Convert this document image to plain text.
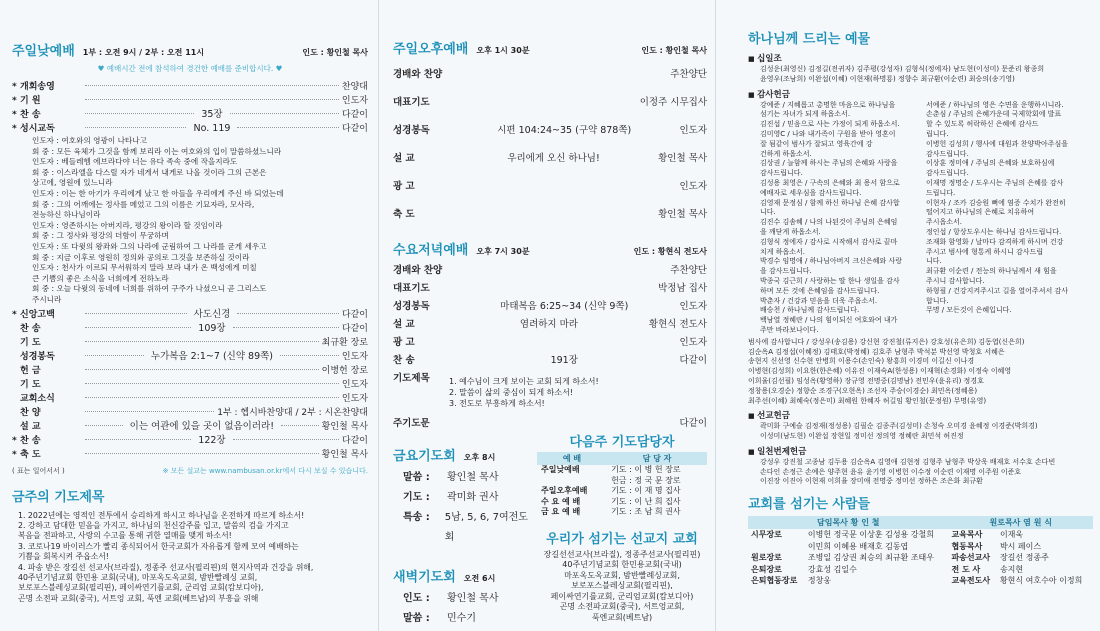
주일낮예배 1부 : 오전 9시 / 2부 : 오전 11시	인도 : 황인철 목사
♥ 예배시간 전에 참석하여 경건한 예배를 준비합시다. ♥
* 개회송영	찬양대
* 기 원	인도자
* 찬 송	35장	다같이
* 성시교독	No. 119	다같이
인도자 : 여호와의 영광이 나타나고
회 중 : 모든 육체가 그것을 함께 보리라 이는 여호와의 입이 말씀하셨느니라
인도자 : 베들레헴 에브라다야 너는 유다 족속 중에 작을지라도
회 중 : 이스라엘을 다스릴 자가 네게서 내게로 나올 것이라 그의 근본은
상고에, 영원에 있느니라
인도자 : 이는 한 아기가 우리에게 났고 한 아들을 우리에게 주신 바 되었는데
회 중 : 그의 어깨에는 정사를 메었고 그의 이름은 기묘자라, 모사라,
전능하신 하나님이라
인도자 : 영존하시는 아버지라, 평강의 왕이라 할 것임이라
회 중 : 그 정사와 평강의 더함이 무궁하며
인도자 : 또 다윗의 왕좌와 그의 나라에 군림하여 그 나라를 굳게 세우고
회 중 : 지금 이후로 영원히 정의와 공의로 그것을 보존하실 것이라
인도자 : 천사가 이르되 무서워하지 말라 보라 내가 온 백성에게 미칠
큰 기쁨의 좋은 소식을 너희에게 전하노라
회 중 : 오늘 다윗의 동네에 너희를 위하여 구주가 나셨으니 곧 그리스도
주시니라
* 신앙고백	사도신경	다같이
찬 송	109장	다같이
기 도	최규환 장로
성경봉독	누가복음 2:1~7 (신약 89쪽)	인도자
헌 금	이병헌 장로
기 도	인도자
교회소식	인도자
찬 양	1부 : 헵시바찬양대 / 2부 : 시온찬양대
설 교	이는 여관에 있을 곳이 없음이러라!	황인철 목사
* 찬 송	122장	다같이
* 축 도	황인철 목사
( 표는 일어서서 )	※ 모든 설교는 www.nambusan.or.kr에서 다시 보실 수 있습니다.
금주의 기도제목
1. 2022년에는 영적인 전투에서 승리하게 하시고 하나님을 온전하게 따르게 하소서!
2. 강하고 담대한 믿음을 가지고, 하나님의 천신감주를 입고, 말씀의 검을 가지고
복음을 전파하고, 사랑의 수고를 통해 귀한 열매를 맺게 하소서!
3. 코로나19 바이러스가 빨리 종식되어서 한국교회가 자유롭게 함께 모여 예배하는
기쁨을 회복시켜 주옵소서!
4. 파송 받은 장길선 선교사(브라질), 정종주 선교사(필리핀)의 현지사역과 건강을 위해,
40주년기념교회 한민용 교회(국내), 마포옥도옥교회, 밤반빨례싱 교회,
보로포스블레싱교회(필리핀), 페이싸연기를교회, 군리엄 교회(캄보디아),
곤명 소전파 교회(중국), 서트엉 교회, 푹엔 교회(베트남)의 부흥을 위해
주일오후예배 오후 1시 30분	인도 : 황인철 목사
경배와 찬양	주찬양단
대표기도	이정주 시무집사
성경봉독	시편 104:24~35 (구약 878쪽)	인도자
설 교	우리에게 오신 하나님!	황인철 목사
광 고	인도자
축 도	황인철 목사
수요저녁예배 오후 7시 30분	인도 : 황현식 전도사
경배와 찬양	주찬양단
대표기도	박정남 집사
성경봉독	마태복음 6:25~34 (신약 9쪽)	인도자
설 교	염려하지 마라	황현식 전도사
광 고	인도자
찬 송	191장	다같이
기도제목	1. 예수님이 크게 보이는 교회 되게 하소서!
2. 말씀이 삶의 중심이 되게 하소서!
3. 전도로 부흥하게 하소서!
주기도문	다같이
금요기도회 오후 8시
말씀 :	황인철 목사
기도 :	곽미화 권사
특송 :	5남, 5, 6, 7여전도회
새벽기도회 오전 6시
인도 :	황인철 목사
말씀 :	민수기
다음주 기도담당자
예 배	담 당 자
주일낮예배	기도 : 이 병 헌 장로
	헌금 : 정 국 문 장로
주일오후예배	기도 : 이 재 명 집사
수 요 예 배	기도 : 이 난 희 집사
금 요 예 배	기도 : 조 남 희 권사
우리가 섬기는 선교지 교회
장길선선교사(브라질), 정종주선교사(필리핀)
40주년기념교회 한민용교회(국내)
마포옥도옥교회, 밤반빨례싱교회,
보로포스블레싱교회(필리핀),
페이싸연기를교회, 군리엄교회(캄보디아)
곤명 소전파교회(중국), 서트엉교회,
푹엔교회(베트남)
하나님께 드리는 예물
■ 십일조
김성운(최영신) 김정길(전귀자) 김주평(강성자) 김형식(정에자) 남도현(이성미) 문준리 왕종희
윤영우(조남희) 이완섭(이혜) 이현재(하명룡) 정향수 최규환(이순련) 최승의(송기영)
■ 감사헌금
강예준 / 지혜롭고 총명한 마음으로 하나님을
섬기는 자녀가 되게 하옵소서.
김진섭 / 믿음으로 사는 가정이 되게 하옵소서.
김미영C / 나와 내가족이 구원을 받아 영혼이
잘 됨같이 범사가 잘되고 영육간에 강
건하게 하옵소서.
김상권 / 늘함께 하시는 주님의 은혜와 사랑을
감사드립니다.
김성용 최영은 / 구속의 은혜와 최 용서 함으로
예배자로 세우심을 감사드립니다.
김영재 문정심 / 함께 하신 하나님 은혜 감사합
니다.
김진수 김솜혜 / 나의 나된것이 주님의 은혜임
을 깨닫게 하옵소서.
김형식 정에자 / 감사로 시작해서 감사로 끝마
치게 하옵소서.
박경수 임명애 / 하나님아버지 크신은혜와 사랑
을 감사드립니다.
박종국 김근희 / 사랑하는 딸 한나 생일을 감사
하며 모든 것에 은혜임을 감사드립니다.
박춘자 / 건강과 믿음을 더욱 주옵소서.
배승천 / 하나님께 감사드립니다.
백남열 정혜란 / 나의 힘이되신 여호와여 내가
주만 바라보나이다.
서예준 / 하나님의 영은 수면을 운행하시니라.
손춘심 / 주님의 은혜가운데 국제학회에 발표
할 수 있도록 허락하신 은혜에 감사드
립니다.
이병헌 김성희 / 행사에 대원과 찬양박아주심을
감사드립니다.
이상훈 정미애 / 주님의 은혜와 보호하심에
감사드립니다.
이재명 정명순 / 도우시는 주님의 은혜를 감사
드립니다.
이현자 / 조카 김승원 뼈에 염증 수치가 완전히
떨어지고 하나님의 은혜로 치유하여
주시옵소서.
정인섭 / 항상도우시는 하나님 감사드립니다.
조재화 함영화 / 날마다 감격하게 하시며 건강
주시고 범사에 형통케 하시니 감사드립
니다.
최규환 이순련 / 전능의 하나님께서 새 힘을
주시니 감사합니다.
하형필 / 건강지켜주시고 길을 열어주셔서 감사
합니다.
무명 / 모든것이 은혜입니다.
범사에 감사합니다 / 강성우(송김용) 강신현 강진철(류지은) 강호성(유은희) 김동엽(신은희)
김순옥A 김정섭(이혜정) 김태호(박정혜) 김호주 남형주 박석분 박선영 박청호 서혜은
송현지 신선영 신수현 안병희 이용수(손인숙) 왕흥희 이경미 이길신 이나경
이병현(김성희) 이요한(한은혜) 이유진 이재숙A(한성용) 이재혁(손경화) 이정숙 이혜영
이희율(김선필) 임성옥(황영하) 장규영 전명중(김명남) 전민우(윤유리) 정경호
정창용(오경순) 정향순 조경구(오현옥) 조선자 주승(이경순) 최민옥(정혜용)
최주선(이혜) 최혜숙(정은미) 최혜원 한혜자 허길임 황인철(문정원) 무명(유영)
■ 선교헌금
곽미화 구예슬 김정재(정성용) 김필순 김종주(김성미) 손청숙 오미경 윤혜정 이경준(박희경)
이성미(남도현) 이완섭 장현일 정미선 정의영 정혜란 최민석 허진정
■ 일천번제헌금
강성우 강진철 고종남 김두용 김순옥A 김영애 김현정 김형주 남형주 박상욱 배재호 서수호 손다빈
손다인 손정근 손예은 양주현 윤유 윤기영 이병헌 이수정 이순련 이재명 이주원 이준호
이진장 이진아 이현재 이희율 장미애 전명중 정미선 정하은 조은화 최규환
교회를 섬기는 사람들
담임목사 황 인 철		원로목사 염 원 식	
시무장로	이병헌 정국문 이상훈 김성용 강철희	교육목사	이재욱
	이민희 이혜용 배재호 김동엽	협동목사	박시 페이스
원로장로	조병일 김상권 최승의 최규환 조태우	파송선교사	장길선 정종주
은퇴장로	강효성 김일수	전 도 사	송지현
은퇴협동장로	정창웅	교육전도사	황현식 여호수아 이정희
